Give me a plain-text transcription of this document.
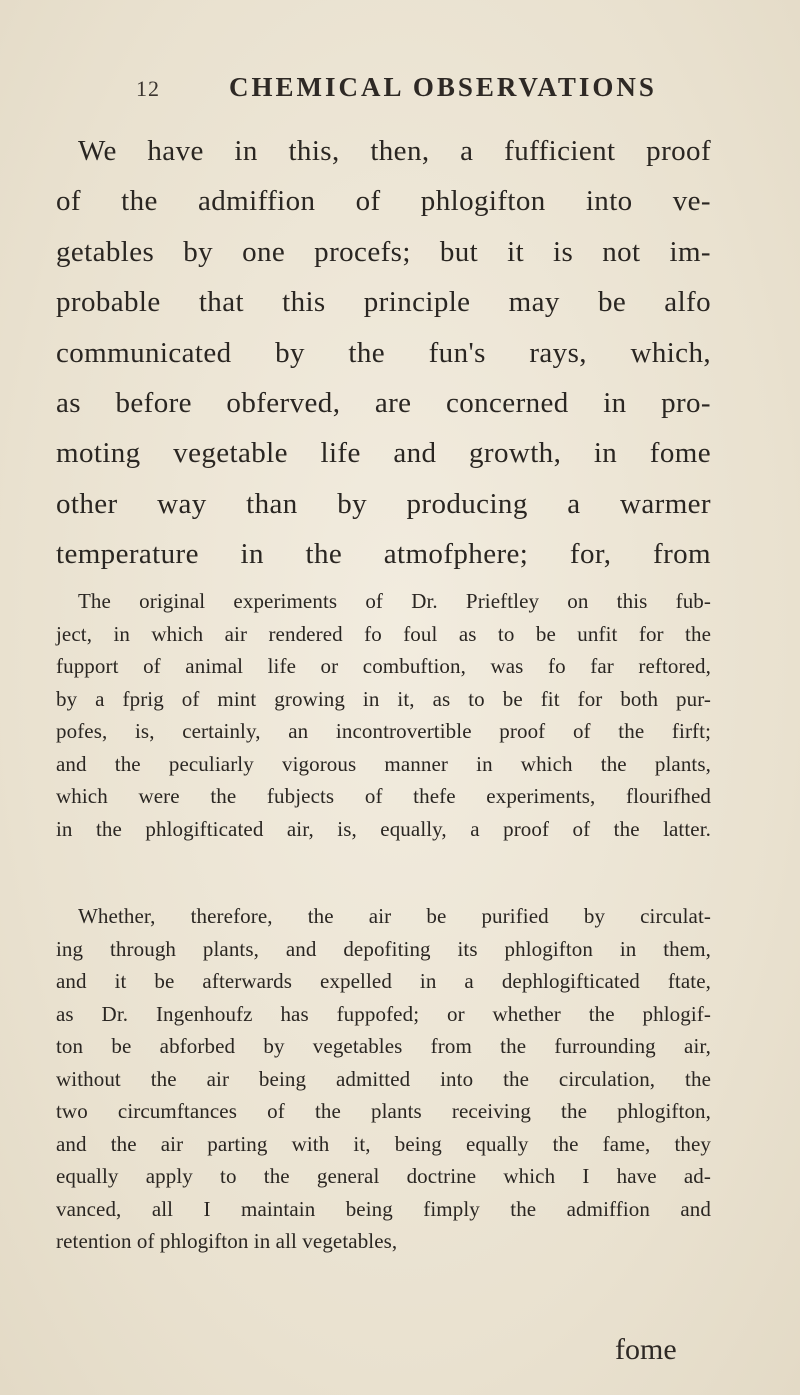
12	CHEMICAL OBSERVATIONS
We have in this, then, a fufficient proof
of the admiffion of phlogifton into ve-
getables by one procefs; but it is not im-
probable that this principle may be alfo
communicated by the fun's rays, which,
as before obferved, are concerned in pro-
moting vegetable life and growth, in fome
other way than by producing a warmer
temperature in the atmofphere; for, from
The original experiments of Dr. Prieftley on this fub-
ject, in which air rendered fo foul as to be unfit for the
fupport of animal life or combuftion, was fo far reftored,
by a fprig of mint growing in it, as to be fit for both pur-
pofes, is, certainly, an incontrovertible proof of the firft;
and the peculiarly vigorous manner in which the plants,
which were the fubjects of thefe experiments, flourifhed
in the phlogifticated air, is, equally, a proof of the latter.
Whether, therefore, the air be purified by circulat-
ing through plants, and depofiting its phlogifton in them,
and it be afterwards expelled in a dephlogifticated ftate,
as Dr. Ingenhoufz has fuppofed; or whether the phlogif-
ton be abforbed by vegetables from the furrounding air,
without the air being admitted into the circulation, the
two circumftances of the plants receiving the phlogifton,
and the air parting with it, being equally the fame, they
equally apply to the general doctrine which I have ad-
vanced, all I maintain being fimply the admiffion and
retention of phlogifton in all vegetables,
fome
